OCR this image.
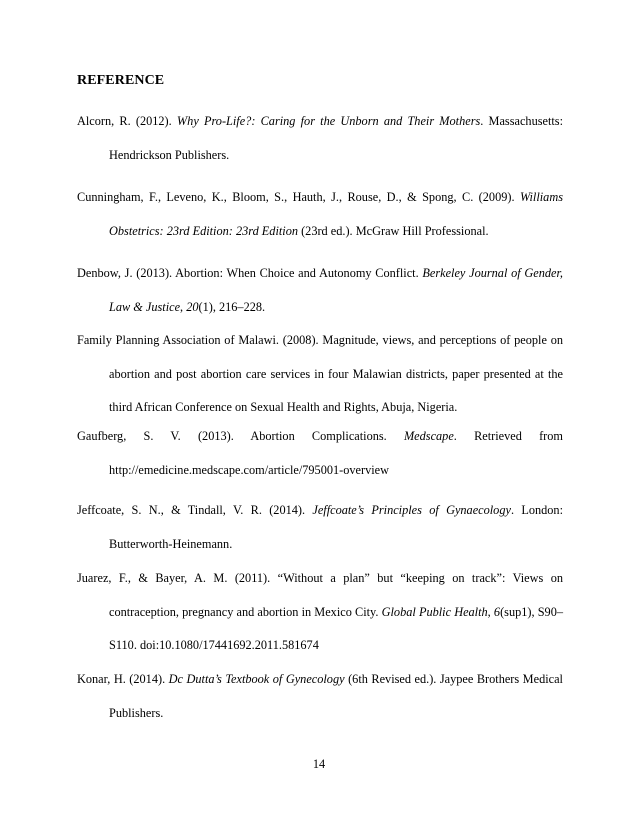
REFERENCE

Alcorn, R. (2012). Why Pro-Life?: Caring for the Unborn and Their Mothers. Massachusetts: Hendrickson Publishers.

Cunningham, F., Leveno, K., Bloom, S., Hauth, J., Rouse, D., & Spong, C. (2009). Williams Obstetrics: 23rd Edition: 23rd Edition (23rd ed.). McGraw Hill Professional.

Denbow, J. (2013). Abortion: When Choice and Autonomy Conflict. Berkeley Journal of Gender, Law & Justice, 20(1), 216–228.

Family Planning Association of Malawi. (2008). Magnitude, views, and perceptions of people on abortion and post abortion care services in four Malawian districts, paper presented at the third African Conference on Sexual Health and Rights, Abuja, Nigeria.

Gaufberg, S. V. (2013). Abortion Complications. Medscape. Retrieved from http://emedicine.medscape.com/article/795001-overview

Jeffcoate, S. N., & Tindall, V. R. (2014). Jeffcoate’s Principles of Gynaecology. London: Butterworth-Heinemann.

Juarez, F., & Bayer, A. M. (2011). “Without a plan” but “keeping on track”: Views on contraception, pregnancy and abortion in Mexico City. Global Public Health, 6(sup1), S90–S110. doi:10.1080/17441692.2011.581674

Konar, H. (2014). Dc Dutta’s Textbook of Gynecology (6th Revised ed.). Jaypee Brothers Medical Publishers.

14
